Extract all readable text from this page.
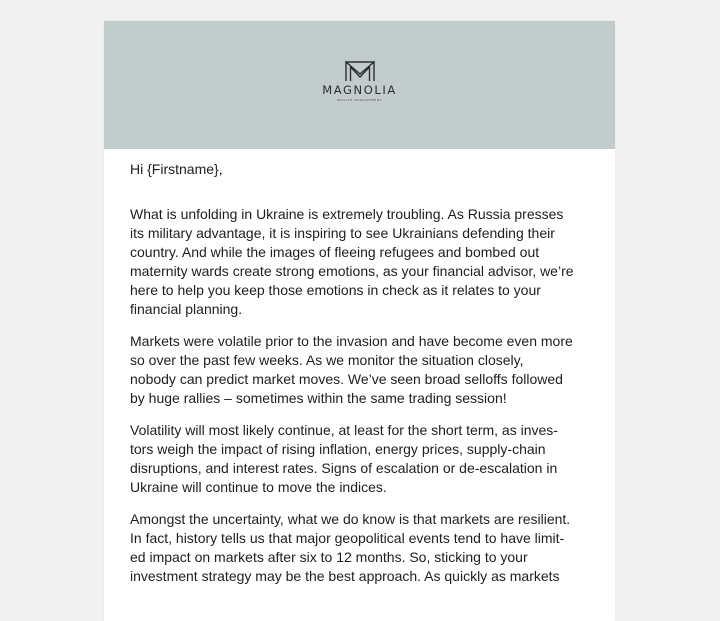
MAGNOLIA
WEALTH MANAGEMENT

Hi {Firstname},

What is unfolding in Ukraine is extremely troubling. As Russia presses
its military advantage, it is inspiring to see Ukrainians defending their
country. And while the images of fleeing refugees and bombed out
maternity wards create strong emotions, as your financial advisor, we’re
here to help you keep those emotions in check as it relates to your
financial planning.

Markets were volatile prior to the invasion and have become even more
so over the past few weeks. As we monitor the situation closely,
nobody can predict market moves. We’ve seen broad selloffs followed
by huge rallies – sometimes within the same trading session!

Volatility will most likely continue, at least for the short term, as inves-
tors weigh the impact of rising inflation, energy prices, supply-chain
disruptions, and interest rates. Signs of escalation or de-escalation in
Ukraine will continue to move the indices.

Amongst the uncertainty, what we do know is that markets are resilient.
In fact, history tells us that major geopolitical events tend to have limit-
ed impact on markets after six to 12 months. So, sticking to your
investment strategy may be the best approach. As quickly as markets
